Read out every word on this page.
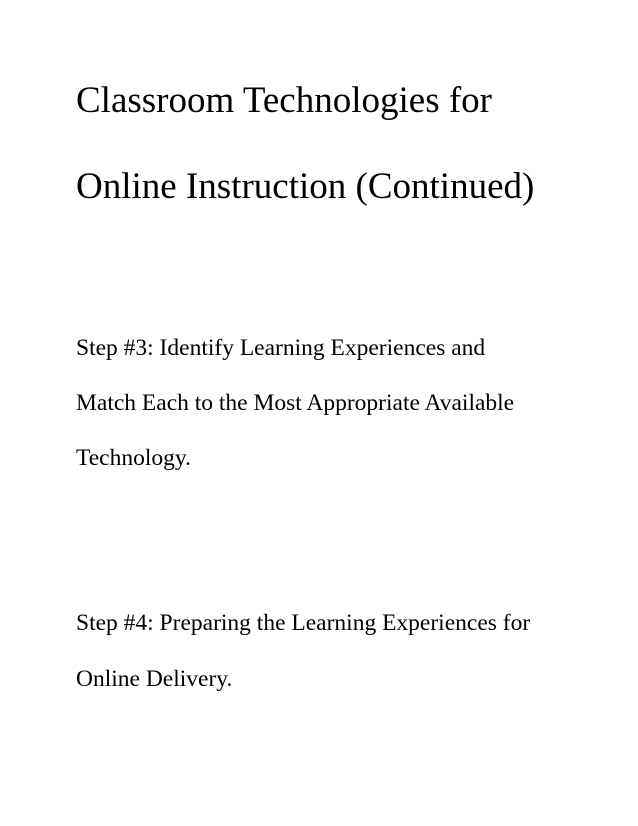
Classroom Technologies for
Online Instruction (Continued)

Step #3: Identify Learning Experiences and

Match Each to the Most Appropriate Available

Technology.

Step #4: Preparing the Learning Experiences for

Online Delivery.
